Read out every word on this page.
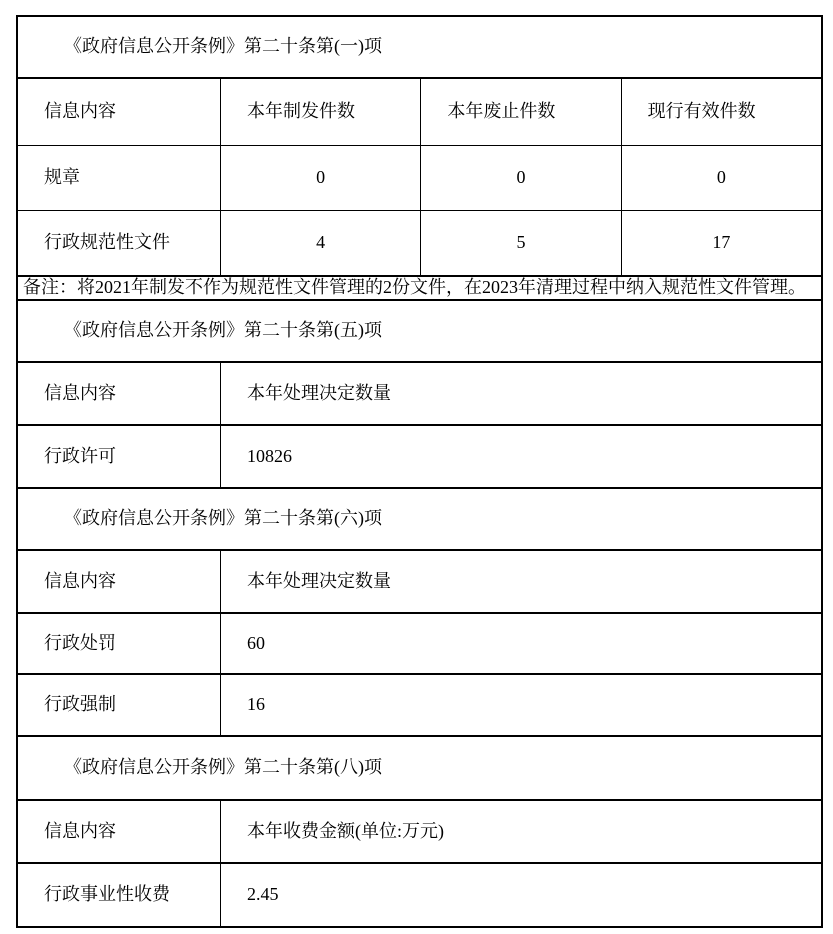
《政府信息公开条例》第二十条第(一)项
信息内容	本年制发件数	本年废止件数	现行有效件数
规章	0	0	0
行政规范性文件	4	5	17
备注：将2021年制发不作为规范性文件管理的2份文件，在2023年清理过程中纳入规范性文件管理。
《政府信息公开条例》第二十条第(五)项
信息内容	本年处理决定数量
行政许可	10826
《政府信息公开条例》第二十条第(六)项
信息内容	本年处理决定数量
行政处罚	60
行政强制	16
《政府信息公开条例》第二十条第(八)项
信息内容	本年收费金额(单位:万元)
行政事业性收费	2.45
